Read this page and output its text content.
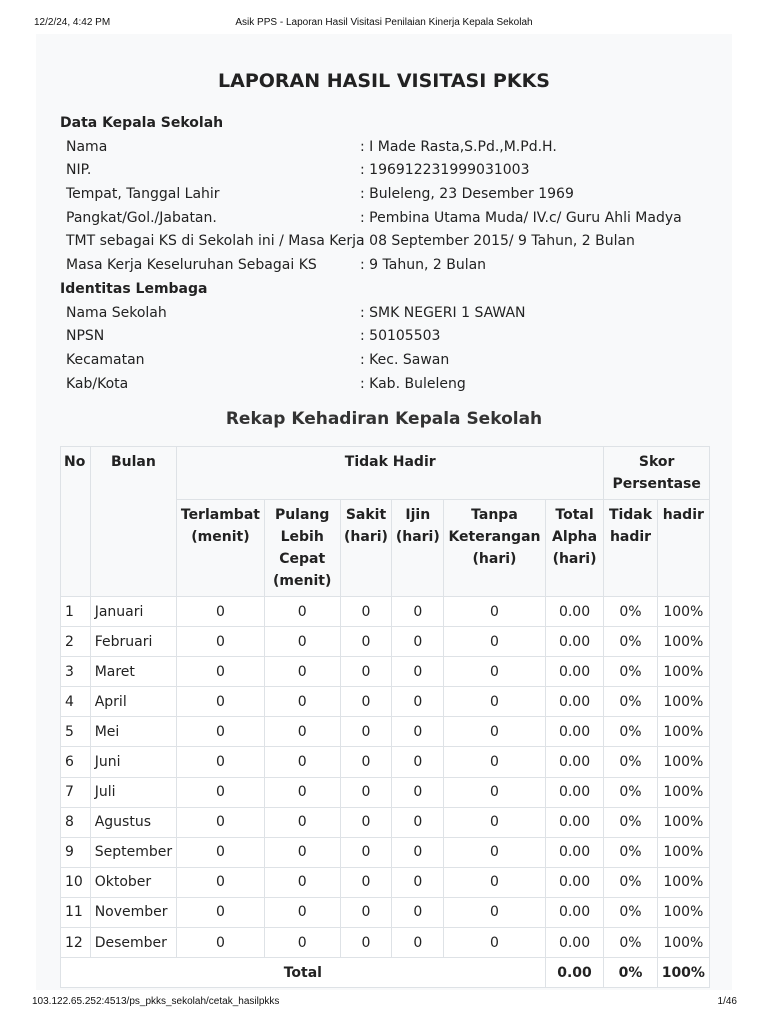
12/2/24, 4:42 PM	Asik PPS - Laporan Hasil Visitasi Penilaian Kinerja Kepala Sekolah
LAPORAN HASIL VISITASI PKKS
Data Kepala Sekolah
Nama	: I Made Rasta,S.Pd.,M.Pd.H.
NIP.	: 196912231999031003
Tempat, Tanggal Lahir	: Buleleng, 23 Desember 1969
Pangkat/Gol./Jabatan.	: Pembina Utama Muda/ IV.c/ Guru Ahli Madya
TMT sebagai KS di Sekolah ini / Masa Kerja
: 08 September 2015/ 9 Tahun, 2 Bulan
Masa Kerja Keseluruhan Sebagai KS	: 9 Tahun, 2 Bulan
Identitas Lembaga
Nama Sekolah	: SMK NEGERI 1 SAWAN
NPSN	: 50105503
Kecamatan	: Kec. Sawan
Kab/Kota	: Kab. Buleleng
Rekap Kehadiran Kepala Sekolah
No	Bulan	Tidak Hadir						Skor Persentase	
		Terlambat (menit)	Pulang Lebih Cepat (menit)	Sakit (hari)	Ijin (hari)	Tanpa Keterangan (hari)	Total Alpha (hari)	Tidak hadir	hadir
1	Januari	0	0	0	0	0	0.00	0%	100%
2	Februari	0	0	0	0	0	0.00	0%	100%
3	Maret	0	0	0	0	0	0.00	0%	100%
4	April	0	0	0	0	0	0.00	0%	100%
5	Mei	0	0	0	0	0	0.00	0%	100%
6	Juni	0	0	0	0	0	0.00	0%	100%
7	Juli	0	0	0	0	0	0.00	0%	100%
8	Agustus	0	0	0	0	0	0.00	0%	100%
9	September	0	0	0	0	0	0.00	0%	100%
10	Oktober	0	0	0	0	0	0.00	0%	100%
11	November	0	0	0	0	0	0.00	0%	100%
12	Desember	0	0	0	0	0	0.00	0%	100%
Total							0.00	0%	100%
103.122.65.252:4513/ps_pkks_sekolah/cetak_hasilpkks	1/46
